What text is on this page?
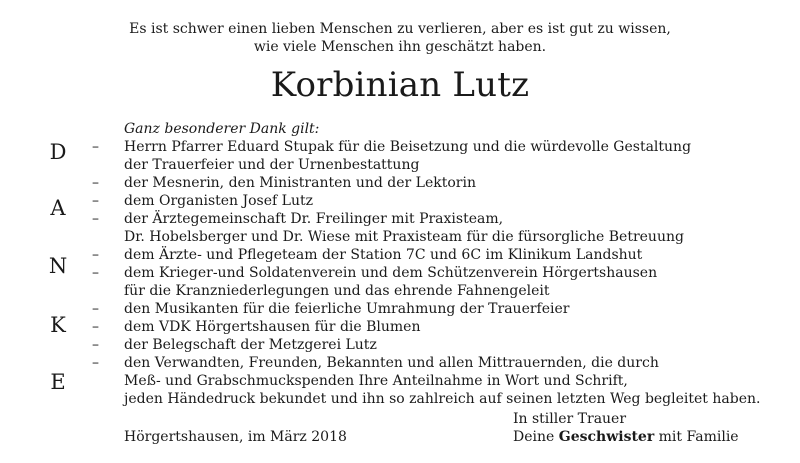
Es ist schwer einen lieben Menschen zu verlieren, aber es ist gut zu wissen,
wie viele Menschen ihn geschätzt haben.
Korbinian Lutz
D
A
N
K
E
Ganz besonderer Dank gilt:
– Herrn Pfarrer Eduard Stupak für die Beisetzung und die würdevolle Gestaltung
der Trauerfeier und der Urnenbestattung
– der Mesnerin, den Ministranten und der Lektorin
– dem Organisten Josef Lutz
– der Ärztegemeinschaft Dr. Freilinger mit Praxisteam,
Dr. Hobelsberger und Dr. Wiese mit Praxisteam für die fürsorgliche Betreuung
– dem Ärzte- und Pflegeteam der Station 7C und 6C im Klinikum Landshut
– dem Krieger-und Soldatenverein und dem Schützenverein Hörgertshausen
für die Kranzniederlegungen und das ehrende Fahnengeleit
– den Musikanten für die feierliche Umrahmung der Trauerfeier
– dem VDK Hörgertshausen für die Blumen
– der Belegschaft der Metzgerei Lutz
– den Verwandten, Freunden, Bekannten und allen Mittrauernden, die durch
Meß- und Grabschmuckspenden Ihre Anteilnahme in Wort und Schrift,
jeden Händedruck bekundet und ihn so zahlreich auf seinen letzten Weg begleitet haben.
Hörgertshausen, im März 2018
In stiller Trauer
Deine Geschwister mit Familie
